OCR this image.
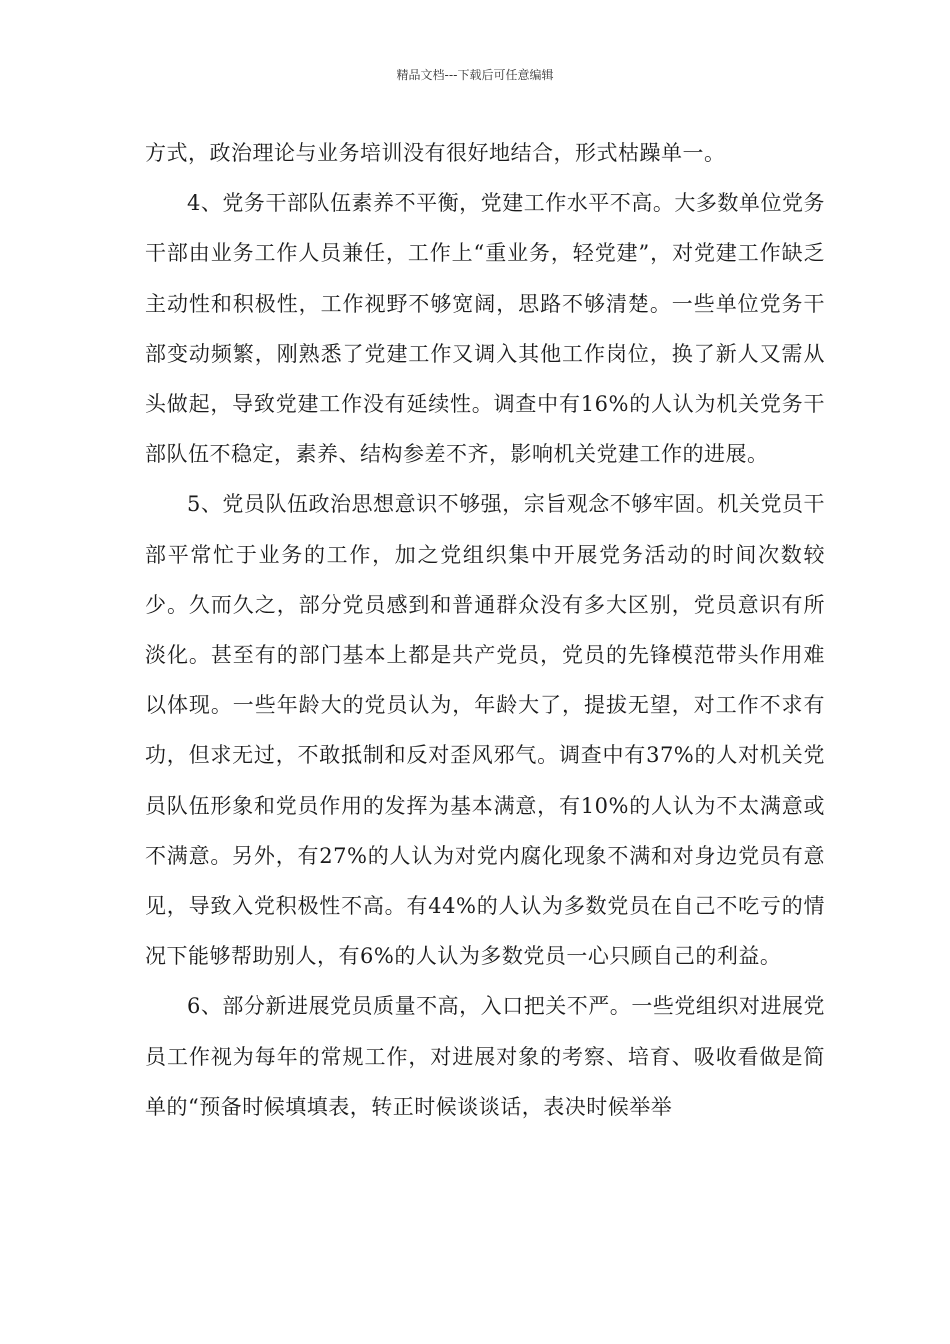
精品文档---下载后可任意编辑

方式，政治理论与业务培训没有很好地结合，形式枯躁单一。

4、党务干部队伍素养不平衡，党建工作水平不高。大多数单位党务干部由业务工作人员兼任，工作上“重业务，轻党建”，对党建工作缺乏主动性和积极性，工作视野不够宽阔，思路不够清楚。一些单位党务干部变动频繁，刚熟悉了党建工作又调入其他工作岗位，换了新人又需从头做起，导致党建工作没有延续性。调查中有16%的人认为机关党务干部队伍不稳定，素养、结构参差不齐，影响机关党建工作的进展。

5、党员队伍政治思想意识不够强，宗旨观念不够牢固。机关党员干部平常忙于业务的工作，加之党组织集中开展党务活动的时间次数较少。久而久之，部分党员感到和普通群众没有多大区别，党员意识有所淡化。甚至有的部门基本上都是共产党员，党员的先锋模范带头作用难以体现。一些年龄大的党员认为，年龄大了，提拔无望，对工作不求有功，但求无过，不敢抵制和反对歪风邪气。调查中有37%的人对机关党员队伍形象和党员作用的发挥为基本满意，有10%的人认为不太满意或不满意。另外，有27%的人认为对党内腐化现象不满和对身边党员有意见，导致入党积极性不高。有44%的人认为多数党员在自己不吃亏的情况下能够帮助别人，有6%的人认为多数党员一心只顾自己的利益。

6、部分新进展党员质量不高，入口把关不严。一些党组织对进展党员工作视为每年的常规工作，对进展对象的考察、培育、吸收看做是简单的“预备时候填填表，转正时候谈谈话，表决时候举举
